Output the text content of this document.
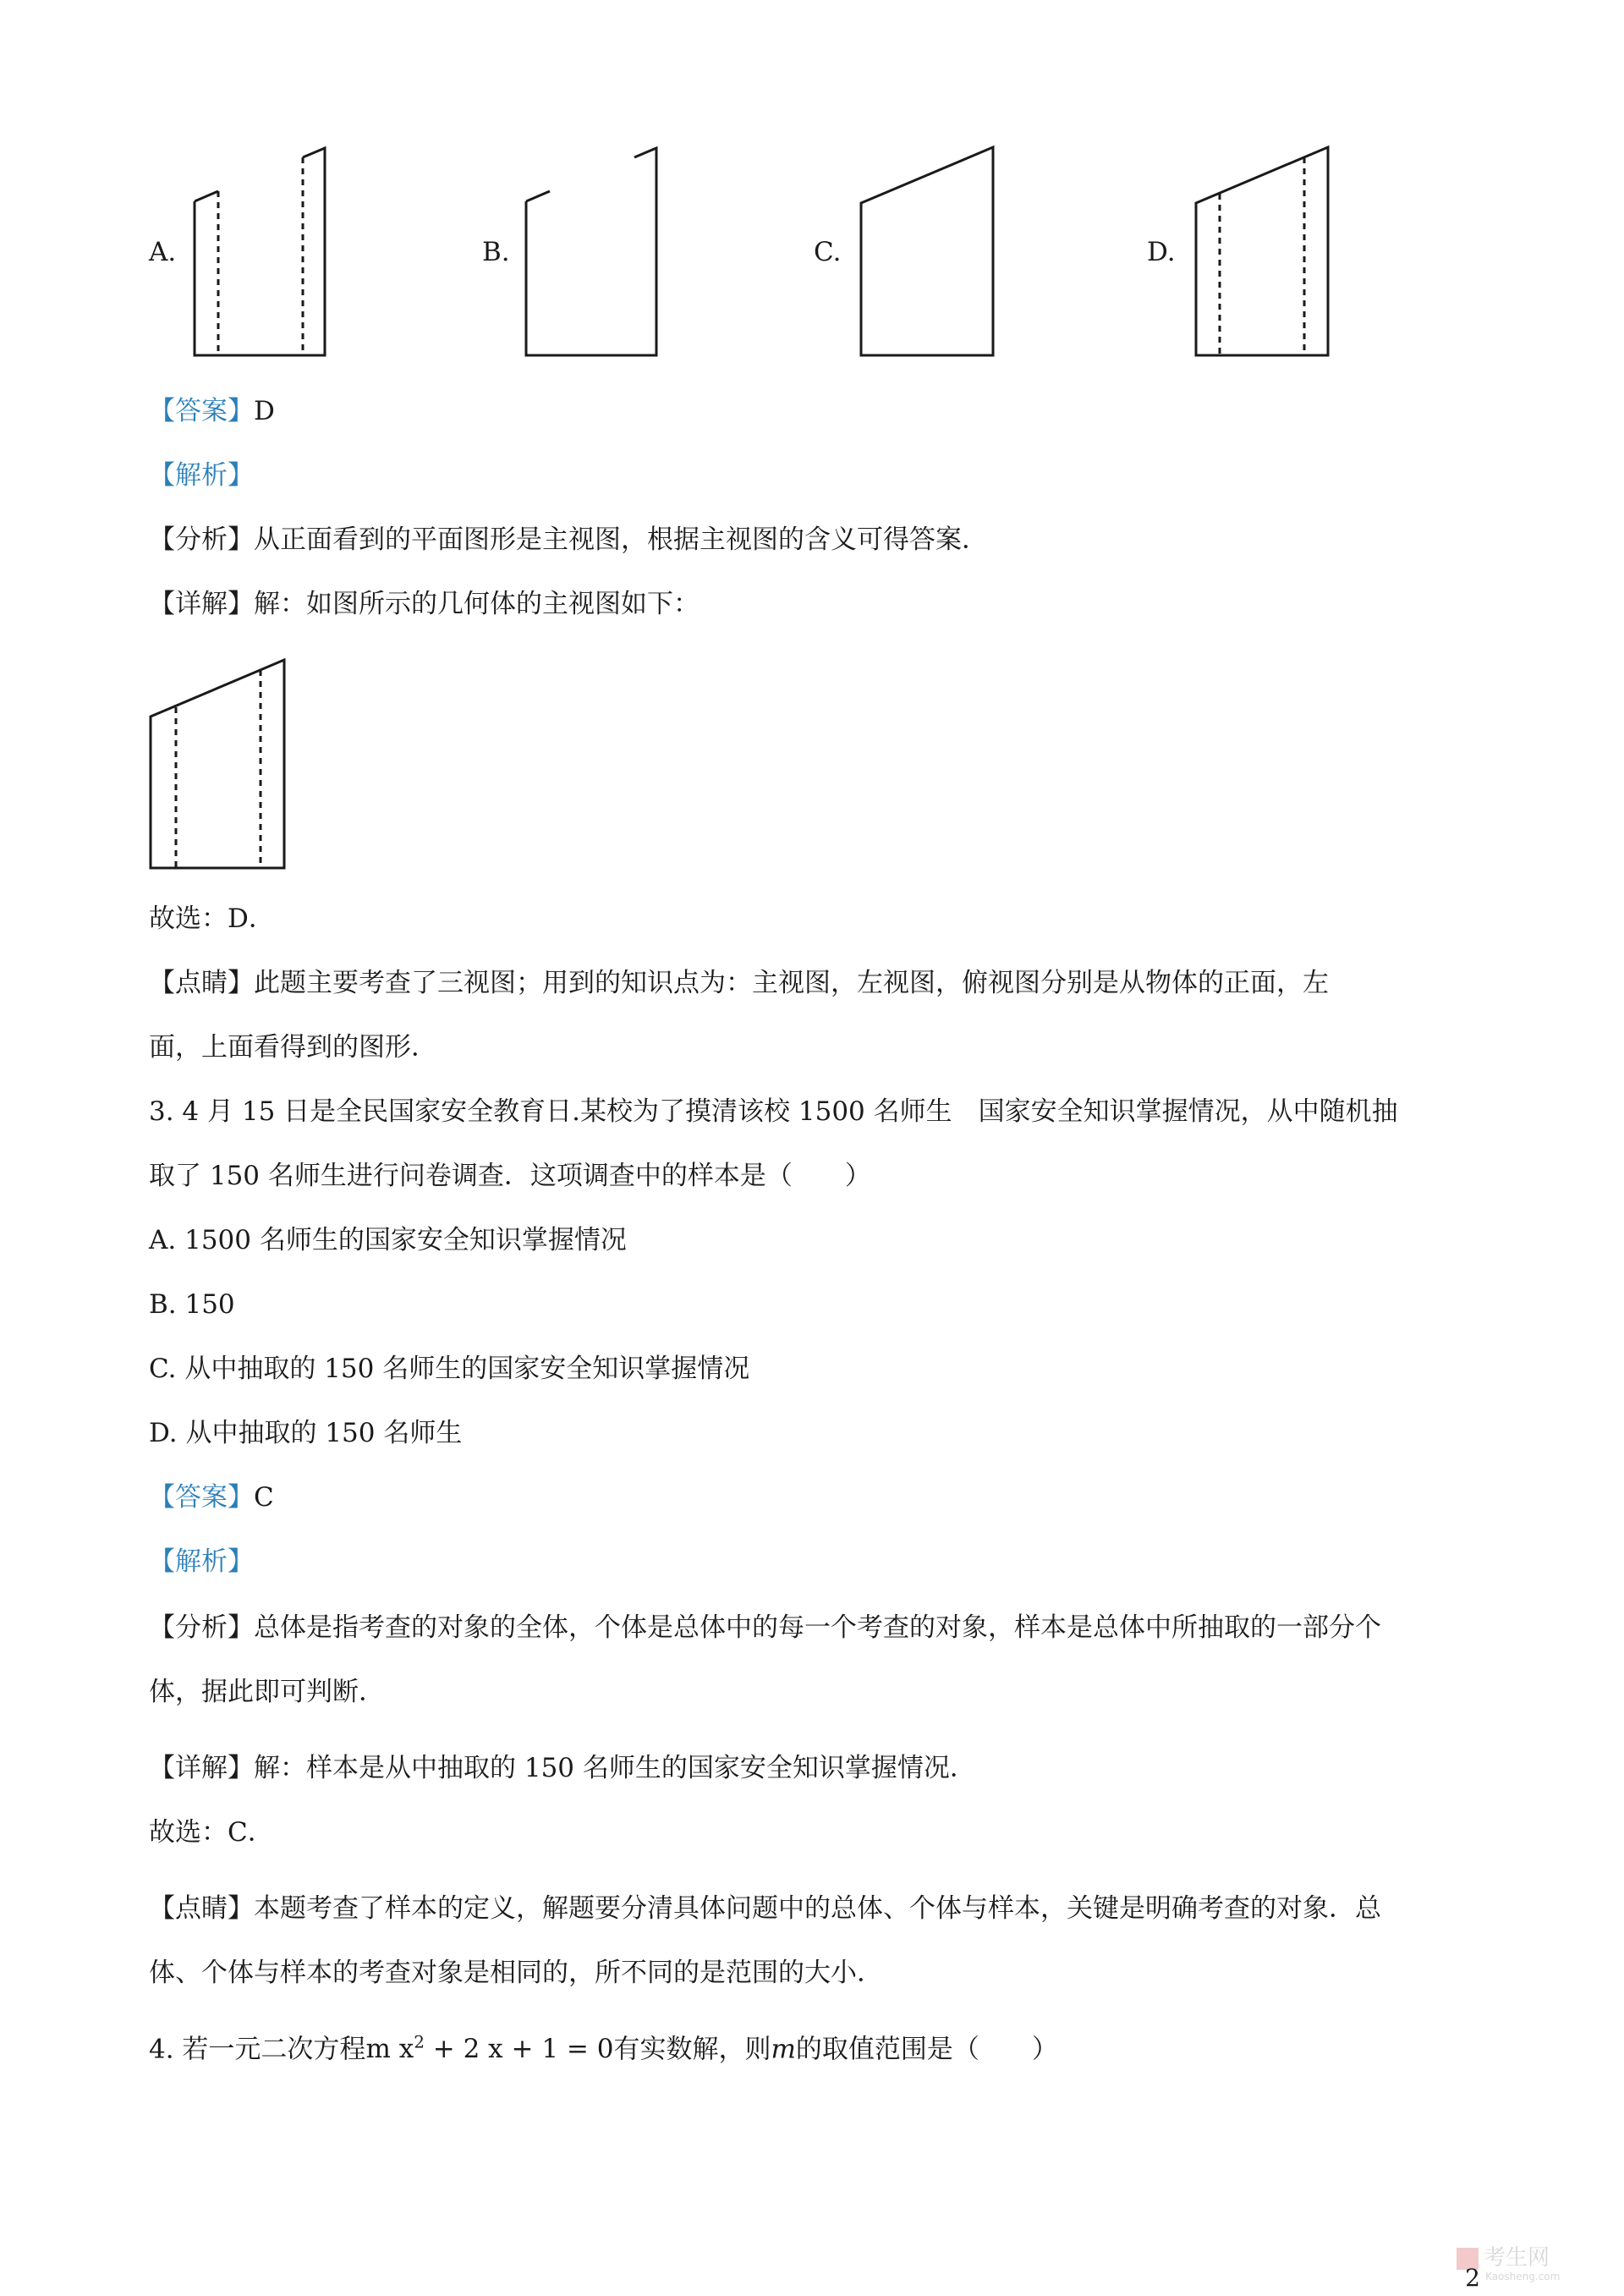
A.	B.	C.	D.
【答案】D
【解析】
【分析】从正面看到的平面图形是主视图，根据主视图的含义可得答案．
【详解】解：如图所示的几何体的主视图如下：
故选：D．
【点睛】此题主要考查了三视图；用到的知识点为：主视图，左视图，俯视图分别是从物体的正面，左
面，上面看得到的图形．
3. 4 月 15 日是全民国家安全教育日.某校为了摸清该校 1500 名师生　国家安全知识掌握情况，从中随机抽
取了 150 名师生进行问卷调查．这项调查中的样本是（　　）
A. 1500 名师生的国家安全知识掌握情况
B. 150
C. 从中抽取的 150 名师生的国家安全知识掌握情况
D. 从中抽取的 150 名师生
【答案】C
【解析】
【分析】总体是指考查的对象的全体，个体是总体中的每一个考查的对象，样本是总体中所抽取的一部分个
体，据此即可判断．
【详解】解：样本是从中抽取的 150 名师生的国家安全知识掌握情况．
故选：C．
【点睛】本题考查了样本的定义，解题要分清具体问题中的总体、个体与样本，关键是明确考查的对象．总
体、个体与样本的考查对象是相同的，所不同的是范围的大小．
4. 若一元二次方程m $x^2 + 2$ x + 1 = 0有实数解，则m的取值范围是（　　）
考生网
Kaosheng.com
2
